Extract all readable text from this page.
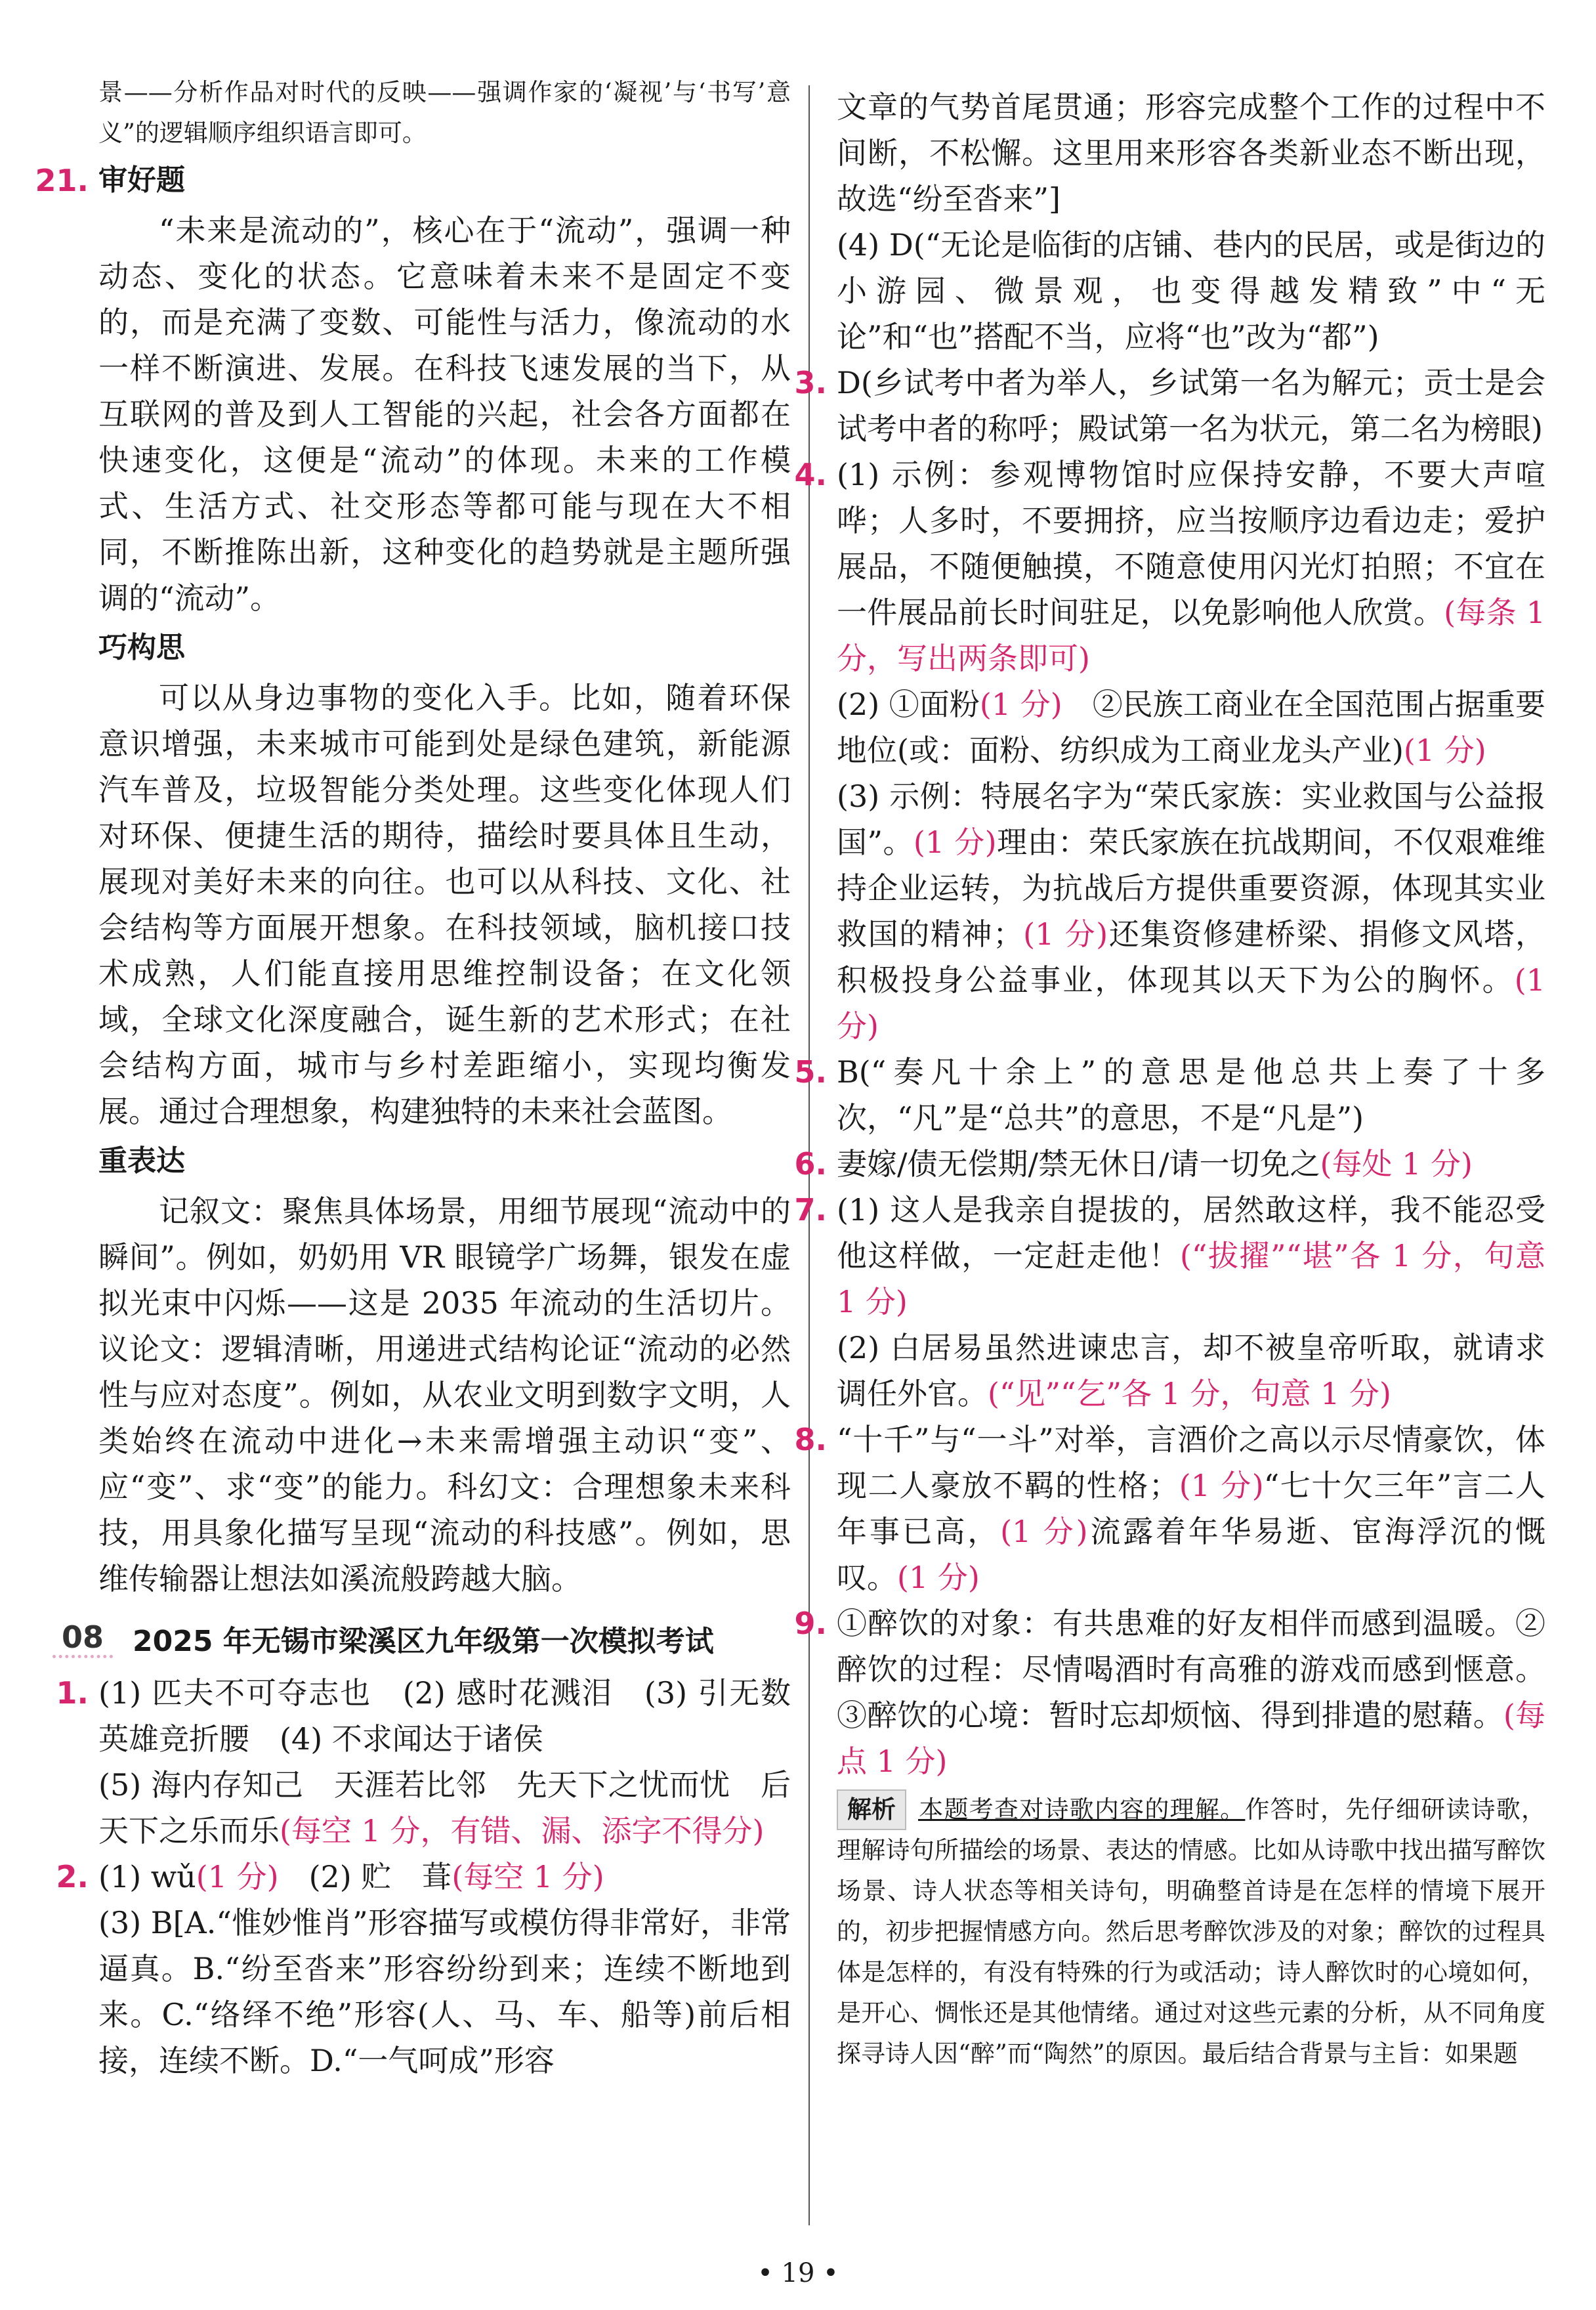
景——分析作品对时代的反映——强调作家的‘凝视’与‘书写’意义”的逻辑顺序组织语言即可。

21. 审好题

“未来是流动的”，核心在于“流动”，强调一种动态、变化的状态。它意味着未来不是固定不变的，而是充满了变数、可能性与活力，像流动的水一样不断演进、发展。在科技飞速发展的当下，从互联网的普及到人工智能的兴起，社会各方面都在快速变化，这便是“流动”的体现。未来的工作模式、生活方式、社交形态等都可能与现在大不相同，不断推陈出新，这种变化的趋势就是主题所强调的“流动”。

巧构思

可以从身边事物的变化入手。比如，随着环保意识增强，未来城市可能到处是绿色建筑，新能源汽车普及，垃圾智能分类处理。这些变化体现人们对环保、便捷生活的期待，描绘时要具体且生动，展现对美好未来的向往。也可以从科技、文化、社会结构等方面展开想象。在科技领域，脑机接口技术成熟，人们能直接用思维控制设备；在文化领域，全球文化深度融合，诞生新的艺术形式；在社会结构方面，城市与乡村差距缩小，实现均衡发展。通过合理想象，构建独特的未来社会蓝图。

重表达

记叙文：聚焦具体场景，用细节展现“流动中的瞬间”。例如，奶奶用 VR 眼镜学广场舞，银发在虚拟光束中闪烁——这是 2035 年流动的生活切片。议论文：逻辑清晰，用递进式结构论证“流动的必然性与应对态度”。例如，从农业文明到数字文明，人类始终在流动中进化→未来需增强主动识“变”、应“变”、求“变”的能力。科幻文：合理想象未来科技，用具象化描写呈现“流动的科技感”。例如，思维传输器让想法如溪流般跨越大脑。

08	2025 年无锡市梁溪区九年级第一次模拟考试
1. (1) 匹夫不可夺志也　(2) 感时花溅泪　(3) 引无数英雄竞折腰　(4) 不求闻达于诸侯

(5) 海内存知己　天涯若比邻　先天下之忧而忧　后天下之乐而乐(每空 1 分，有错、漏、添字不得分)

2. (1) wǔ(1 分)　(2) 贮　葺(每空 1 分)

(3) B[A.“惟妙惟肖”形容描写或模仿得非常好，非常逼真。B.“纷至沓来”形容纷纷到来；连续不断地到来。C.“络绎不绝”形容(人、马、车、船等)前后相接，连续不断。D.“一气呵成”形容

文章的气势首尾贯通；形容完成整个工作的过程中不间断，不松懈。这里用来形容各类新业态不断出现，故选“纷至沓来”]

(4) D(“无论是临街的店铺、巷内的民居，或是街边的小游园、微景观，也变得越发精致”中“无论”和“也”搭配不当，应将“也”改为“都”)

3. D(乡试考中者为举人，乡试第一名为解元；贡士是会试考中者的称呼；殿试第一名为状元，第二名为榜眼)

4. (1) 示例：参观博物馆时应保持安静，不要大声喧哗；人多时，不要拥挤，应当按顺序边看边走；爱护展品，不随便触摸，不随意使用闪光灯拍照；不宜在一件展品前长时间驻足，以免影响他人欣赏。(每条 1 分，写出两条即可)

(2) ①面粉(1 分)　②民族工商业在全国范围占据重要地位(或：面粉、纺织成为工商业龙头产业)(1 分)

(3) 示例：特展名字为“荣氏家族：实业救国与公益报国”。(1 分)理由：荣氏家族在抗战期间，不仅艰难维持企业运转，为抗战后方提供重要资源，体现其实业救国的精神；(1 分)还集资修建桥梁、捐修文风塔，积极投身公益事业，体现其以天下为公的胸怀。(1 分)

5. B(“奏凡十余上”的意思是他总共上奏了十多次，“凡”是“总共”的意思，不是“凡是”)

6. 妻嫁/债无偿期/禁无休日/请一切免之(每处 1 分)

7. (1) 这人是我亲自提拔的，居然敢这样，我不能忍受他这样做，一定赶走他！(“拔擢”“堪”各 1 分，句意 1 分)

(2) 白居易虽然进谏忠言，却不被皇帝听取，就请求调任外官。(“见”“乞”各 1 分，句意 1 分)

8. “十千”与“一斗”对举，言酒价之高以示尽情豪饮，体现二人豪放不羁的性格；(1 分)“七十欠三年”言二人年事已高，(1 分)流露着年华易逝、宦海浮沉的慨叹。(1 分)

9. ①醉饮的对象：有共患难的好友相伴而感到温暖。②醉饮的过程：尽情喝酒时有高雅的游戏而感到惬意。③醉饮的心境：暂时忘却烦恼、得到排遣的慰藉。(每点 1 分)

解析 本题考查对诗歌内容的理解。作答时，先仔细研读诗歌，理解诗句所描绘的场景、表达的情感。比如从诗歌中找出描写醉饮场景、诗人状态等相关诗句，明确整首诗是在怎样的情境下展开的，初步把握情感方向。然后思考醉饮涉及的对象；醉饮的过程具体是怎样的，有没有特殊的行为或活动；诗人醉饮时的心境如何，是开心、惆怅还是其他情绪。通过对这些元素的分析，从不同角度探寻诗人因“醉”而“陶然”的原因。最后结合背景与主旨：如果题

• 19 •
